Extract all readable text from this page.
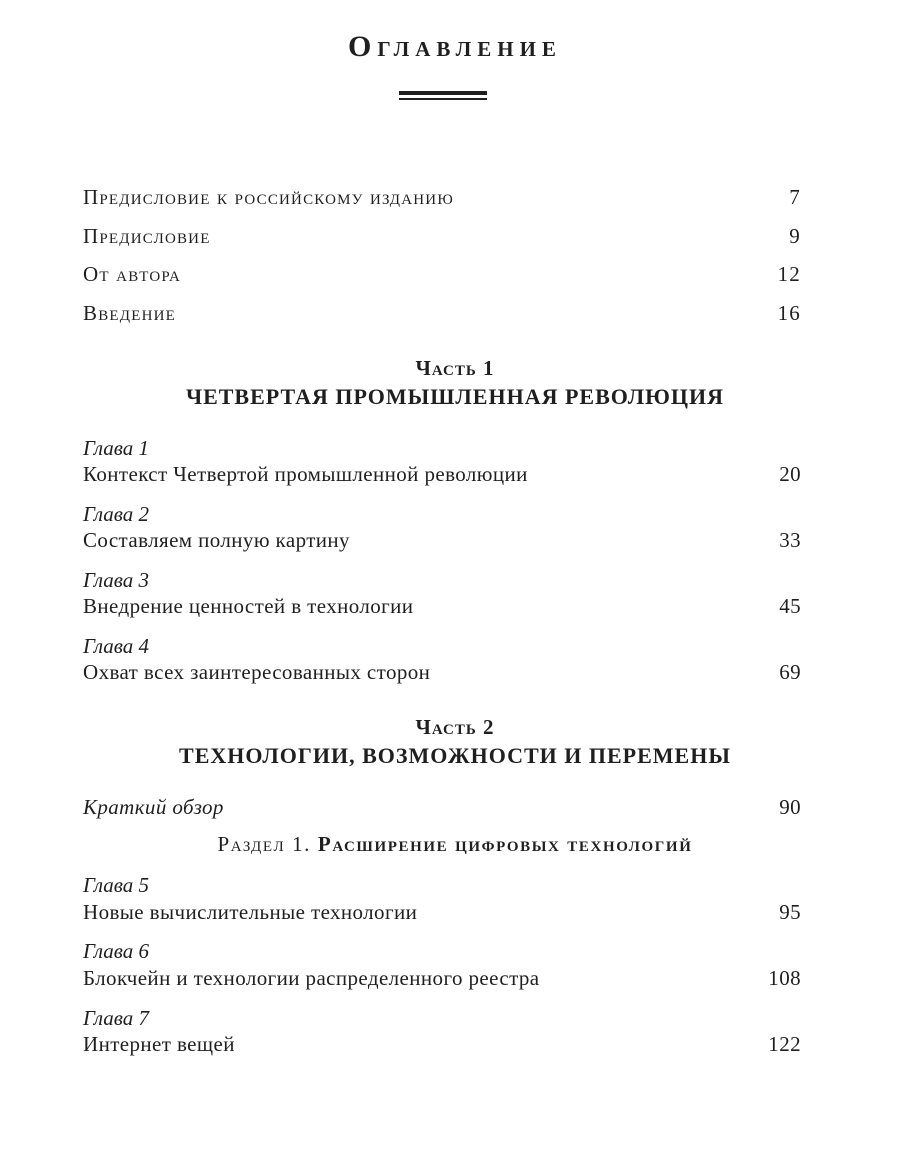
Оглавление
Предисловие к российскому изданию	7
Предисловие	9
От автора	12
Введение	16
Часть 1
ЧЕТВЕРТАЯ ПРОМЫШЛЕННАЯ РЕВОЛЮЦИЯ
Глава 1
Контекст Четвертой промышленной революции	20
Глава 2
Составляем полную картину	33
Глава 3
Внедрение ценностей в технологии	45
Глава 4
Охват всех заинтересованных сторон	69
Часть 2
ТЕХНОЛОГИИ, ВОЗМОЖНОСТИ И ПЕРЕМЕНЫ
Краткий обзор	90
Раздел 1. Расширение цифровых технологий
Глава 5
Новые вычислительные технологии	95
Глава 6
Блокчейн и технологии распределенного реестра	108
Глава 7
Интернет вещей	122
